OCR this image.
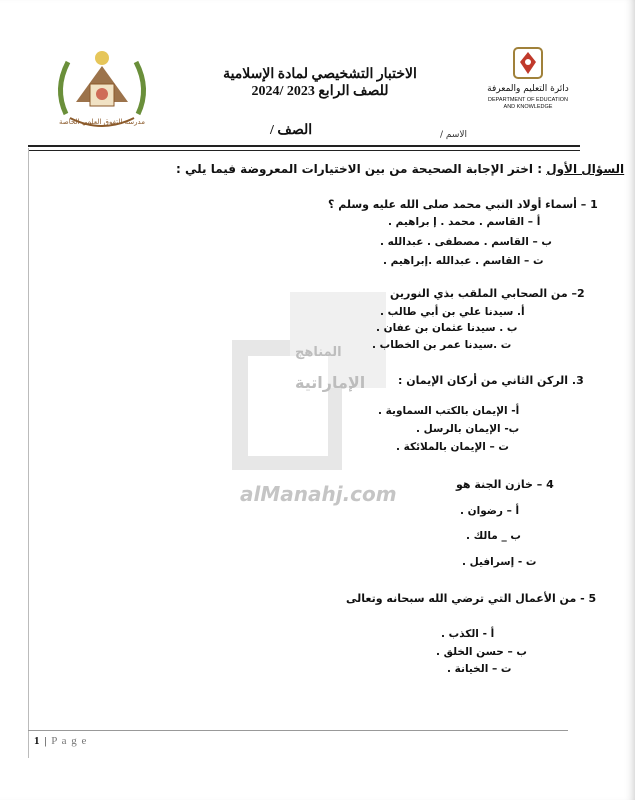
مدرسة التفوق العلمي الخاصة
دائرة التعليم والمعرفة
DEPARTMENT OF EDUCATION
AND KNOWLEDGE
الاختبار التشخيصي لمادة الإسلامية
للصف الرابع 2023 /2024
الصف /	الاسم /
المناهج
الإماراتية
alManahj.com
السؤال الأول : اختر الإجابة الصحيحة من بين الاختيارات المعروضة فيما يلي :
1 – أسماء أولاد النبي محمد صلى الله عليه وسلم ؟
أ – القاسم . محمد . إ براهيم .
ب – القاسم . مصطفى . عبدالله .
ت – القاسم . عبدالله .إبراهيم .
2– من الصحابي الملقب بذي النورين
أ. سيدنا علي بن أبي طالب .
ب . سيدنا عثمان بن عفان .
ت .سيدنا عمر بن الخطاب .
3. الركن الثاني من أركان الإيمان :
أ- الإيمان بالكتب السماوية .
ب- الإيمان بالرسل .
ت – الإيمان بالملائكة .
4 – خازن الجنة هو
أ – رضوان .
ب _ مالك .
ت - إسرافيل .
5 - من الأعمال التي ترضي الله سبحانه وتعالى
أ - الكذب .
ب – حسن الخلق .
ت – الخيانة .
1 | P a g e
